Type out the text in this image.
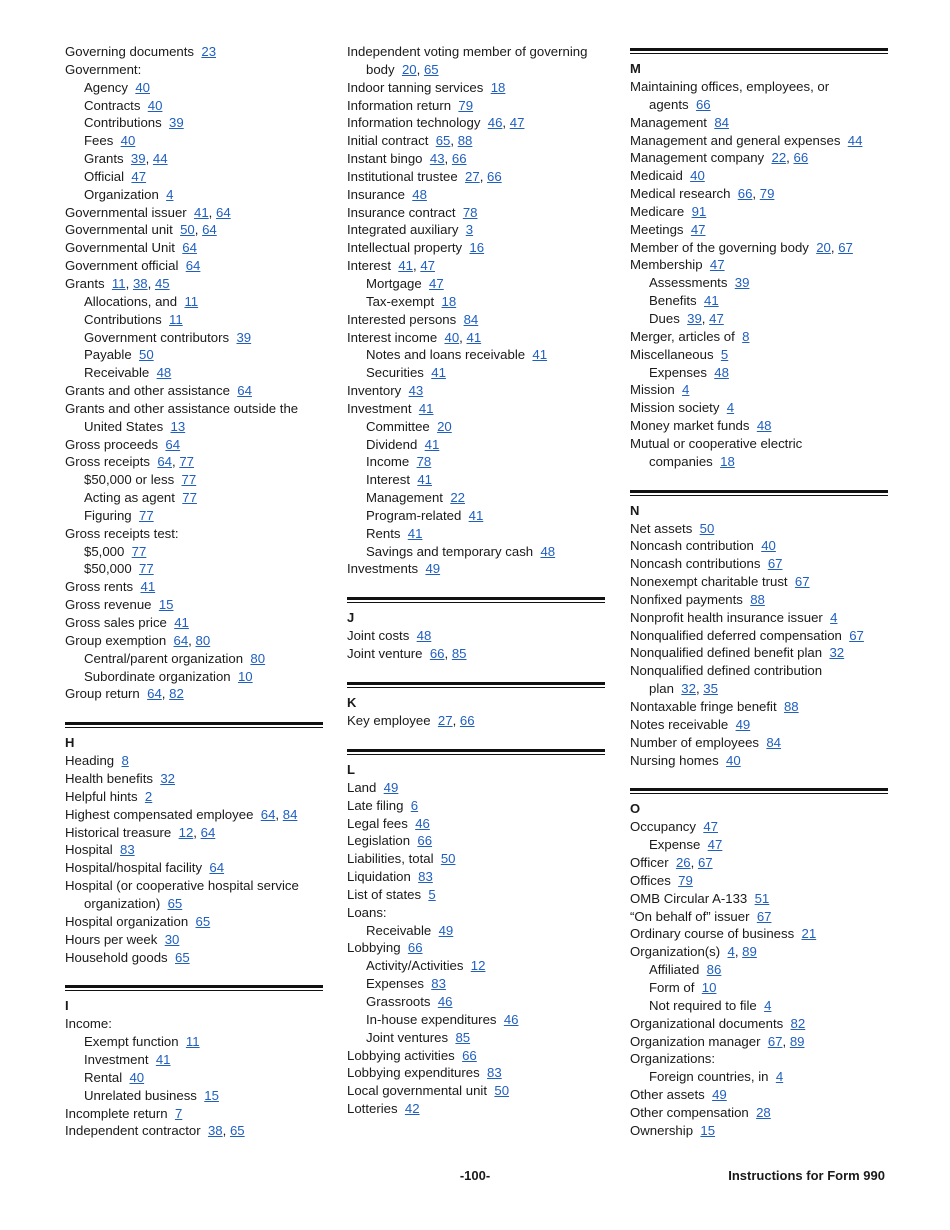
Governing documents 23
Government:
Agency 40
Contracts 40
Contributions 39
Fees 40
Grants 39, 44
Official 47
Organization 4
Governmental issuer 41, 64
Governmental unit 50, 64
Governmental Unit 64
Government official 64
Grants 11, 38, 45
Allocations, and 11
Contributions 11
Government contributors 39
Payable 50
Receivable 48
Grants and other assistance 64
Grants and other assistance outside the
United States 13
Gross proceeds 64
Gross receipts 64, 77
$50,000 or less 77
Acting as agent 77
Figuring 77
Gross receipts test:
$5,000 77
$50,000 77
Gross rents 41
Gross revenue 15
Gross sales price 41
Group exemption 64, 80
Central/parent organization 80
Subordinate organization 10
Group return 64, 82
H
Heading 8
Health benefits 32
Helpful hints 2
Highest compensated employee 64, 84
Historical treasure 12, 64
Hospital 83
Hospital/hospital facility 64
Hospital (or cooperative hospital service
organization) 65
Hospital organization 65
Hours per week 30
Household goods 65
I
Income:
Exempt function 11
Investment 41
Rental 40
Unrelated business 15
Incomplete return 7
Independent contractor 38, 65
Independent voting member of governing
body 20, 65
Indoor tanning services 18
Information return 79
Information technology 46, 47
Initial contract 65, 88
Instant bingo 43, 66
Institutional trustee 27, 66
Insurance 48
Insurance contract 78
Integrated auxiliary 3
Intellectual property 16
Interest 41, 47
Mortgage 47
Tax-exempt 18
Interested persons 84
Interest income 40, 41
Notes and loans receivable 41
Securities 41
Inventory 43
Investment 41
Committee 20
Dividend 41
Income 78
Interest 41
Management 22
Program-related 41
Rents 41
Savings and temporary cash 48
Investments 49
J
Joint costs 48
Joint venture 66, 85
K
Key employee 27, 66
L
Land 49
Late filing 6
Legal fees 46
Legislation 66
Liabilities, total 50
Liquidation 83
List of states 5
Loans:
Receivable 49
Lobbying 66
Activity/Activities 12
Expenses 83
Grassroots 46
In-house expenditures 46
Joint ventures 85
Lobbying activities 66
Lobbying expenditures 83
Local governmental unit 50
Lotteries 42
M
Maintaining offices, employees, or
agents 66
Management 84
Management and general expenses 44
Management company 22, 66
Medicaid 40
Medical research 66, 79
Medicare 91
Meetings 47
Member of the governing body 20, 67
Membership 47
Assessments 39
Benefits 41
Dues 39, 47
Merger, articles of 8
Miscellaneous 5
Expenses 48
Mission 4
Mission society 4
Money market funds 48
Mutual or cooperative electric
companies 18
N
Net assets 50
Noncash contribution 40
Noncash contributions 67
Nonexempt charitable trust 67
Nonfixed payments 88
Nonprofit health insurance issuer 4
Nonqualified deferred compensation 67
Nonqualified defined benefit plan 32
Nonqualified defined contribution
plan 32, 35
Nontaxable fringe benefit 88
Notes receivable 49
Number of employees 84
Nursing homes 40
O
Occupancy 47
Expense 47
Officer 26, 67
Offices 79
OMB Circular A-133 51
“On behalf of” issuer 67
Ordinary course of business 21
Organization(s) 4, 89
Affiliated 86
Form of 10
Not required to file 4
Organizational documents 82
Organization manager 67, 89
Organizations:
Foreign countries, in 4
Other assets 49
Other compensation 28
Ownership 15
-100-	Instructions for Form 990
